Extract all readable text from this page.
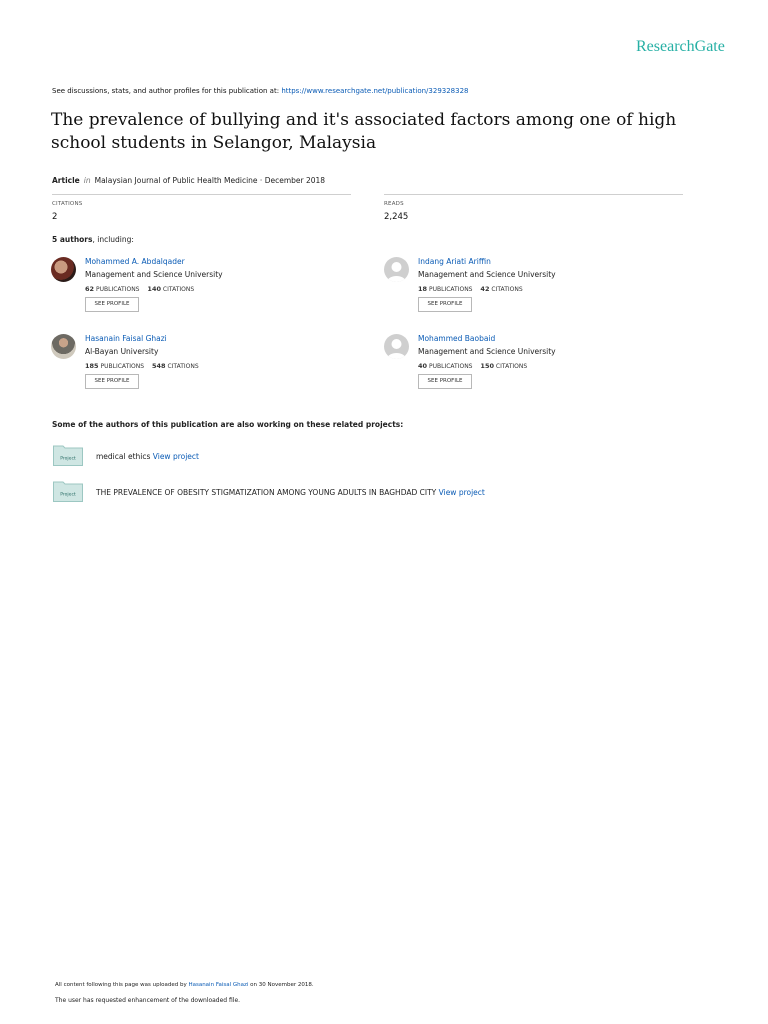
ResearchGate
See discussions, stats, and author profiles for this publication at: https://www.researchgate.net/publication/329328328
The prevalence of bullying and it's associated factors among one of high school students in Selangor, Malaysia
Article in Malaysian Journal of Public Health Medicine · December 2018
CITATIONS
2
READS
2,245
5 authors, including:
Mohammed A. Abdalqader
Management and Science University
62 PUBLICATIONS 140 CITATIONS
SEE PROFILE
Indang Ariati Ariffin
Management and Science University
18 PUBLICATIONS 42 CITATIONS
SEE PROFILE
Hasanain Faisal Ghazi
Al-Bayan University
185 PUBLICATIONS 548 CITATIONS
SEE PROFILE
Mohammed Baobaid
Management and Science University
40 PUBLICATIONS 150 CITATIONS
SEE PROFILE
Some of the authors of this publication are also working on these related projects:
Project	medical ethics View project
Project	THE PREVALENCE OF OBESITY STIGMATIZATION AMONG YOUNG ADULTS IN BAGHDAD CITY View project
All content following this page was uploaded by Hasanain Faisal Ghazi on 30 November 2018.
The user has requested enhancement of the downloaded file.
